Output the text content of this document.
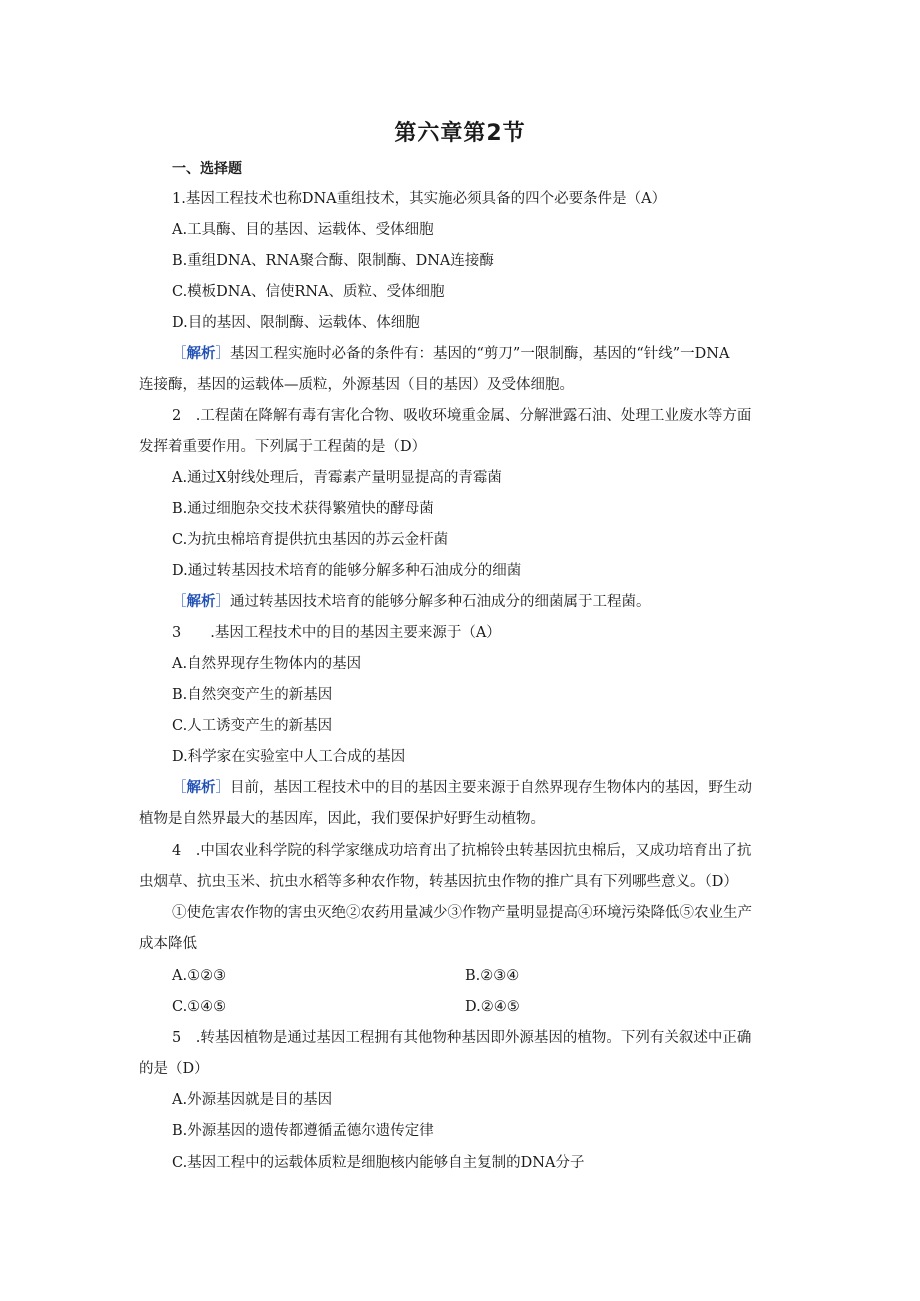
第六章第2节
一、选择题
1.基因工程技术也称DNA重组技术，其实施必须具备的四个必要条件是（A）
A.工具酶、目的基因、运载体、受体细胞
B.重组DNA、RNA聚合酶、限制酶、DNA连接酶
C.模板DNA、信使RNA、质粒、受体细胞
D.目的基因、限制酶、运载体、体细胞
［解析］基因工程实施时必备的条件有：基因的“剪刀”一限制酶，基因的“针线”一DNA
连接酶，基因的运载体—质粒，外源基因（目的基因）及受体细胞。
2　.工程菌在降解有毒有害化合物、吸收环境重金属、分解泄露石油、处理工业废水等方面
发挥着重要作用。下列属于工程菌的是（D）
A.通过X射线处理后，青霉素产量明显提高的青霉菌
B.通过细胞杂交技术获得繁殖快的酵母菌
C.为抗虫棉培育提供抗虫基因的苏云金杆菌
D.通过转基因技术培育的能够分解多种石油成分的细菌
［解析］通过转基因技术培育的能够分解多种石油成分的细菌属于工程菌。
3　　.基因工程技术中的目的基因主要来源于（A）
A.自然界现存生物体内的基因
B.自然突变产生的新基因
C.人工诱变产生的新基因
D.科学家在实验室中人工合成的基因
［解析］目前，基因工程技术中的目的基因主要来源于自然界现存生物体内的基因，野生动
植物是自然界最大的基因库，因此，我们要保护好野生动植物。
4　.中国农业科学院的科学家继成功培育出了抗棉铃虫转基因抗虫棉后，又成功培育出了抗
虫烟草、抗虫玉米、抗虫水稻等多种农作物，转基因抗虫作物的推广具有下列哪些意义。（D）
①使危害农作物的害虫灭绝②农药用量减少③作物产量明显提高④环境污染降低⑤农业生产
成本降低
A.①②③	B.②③④
C.①④⑤	D.②④⑤
5　.转基因植物是通过基因工程拥有其他物种基因即外源基因的植物。下列有关叙述中正确
的是（D）
A.外源基因就是目的基因
B.外源基因的遗传都遵循孟德尔遗传定律
C.基因工程中的运载体质粒是细胞核内能够自主复制的DNA分子
